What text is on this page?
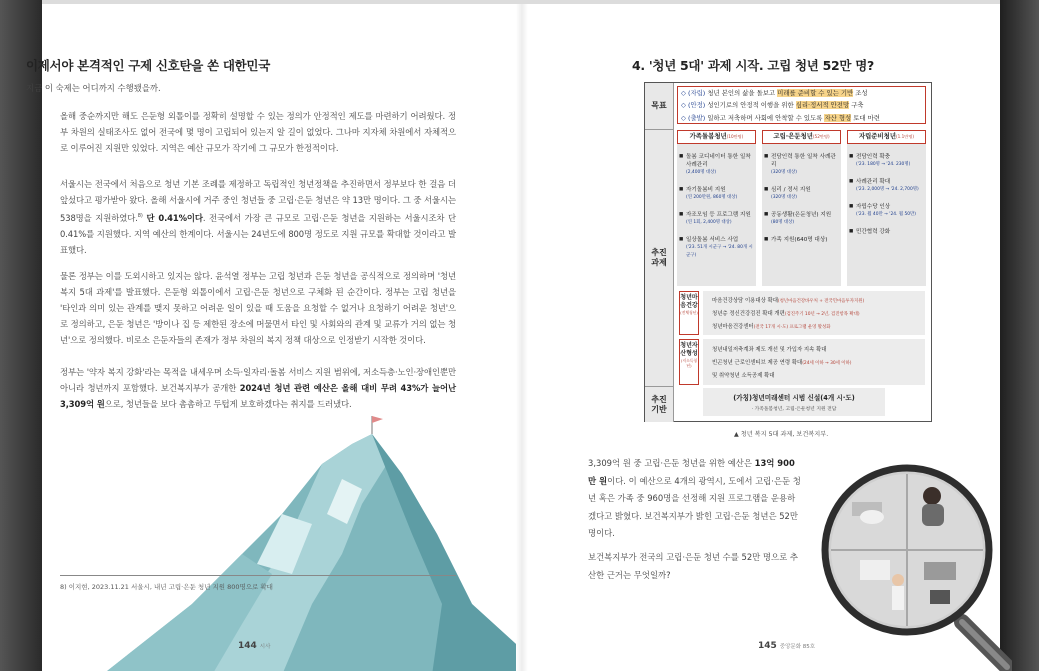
이제서야 본격적인 구제 신호탄을 쏜 대한민국
지금 이 숙제는 어디까지 수행됐을까.
올해 중순까지만 해도 은둔형 외톨이를 정확히 설명할 수 있는 정의가 안정적인 제도를 마련하기 어려웠다. 정부 차원의 실태조사도 없어 전국에 몇 명이 고립되어 있는지 알 길이 없었다. 그나마 지자체 차원에서 자체적으로 이루어진 지원만 있었다. 지역은 예산 규모가 작기에 그 규모가 한정적이다.
서울시는 전국에서 처음으로 청년 기본 조례를 제정하고 독립적인 청년정책을 추진하면서 정부보다 한 걸음 더 앞섰다고 평가받아 왔다. 올해 서울시에 거주 중인 청년들 중 고립·은둔 청년은 약 13만 명이다. 그 중 서울시는 538명을 지원하였다.$^{8)}$ 단 0.41%이다. 전국에서 가장 큰 규모로 고립·은둔 청년을 지원하는 서울시조차 단 0.41%를 지원했다. 지역 예산의 한계이다. 서울시는 24년도에 800명 정도로 지원 규모를 확대할 것이라고 발표했다.
물론 정부는 이를 도외시하고 있지는 않다. 윤석열 정부는 고립 청년과 은둔 청년을 공식적으로 정의하며 '청년 복지 5대 과제'를 발표했다. 은둔형 외톨이에서 고립·은둔 청년으로 구체화 된 순간이다. 정부는 고립 청년을 '타인과 의미 있는 관계를 맺지 못하고 어려운 일이 있을 때 도움을 요청할 수 없거나 요청하기 어려운 청년'으로 정의하고, 은둔 청년은 '방이나 집 등 제한된 장소에 머물면서 타인 및 사회와의 관계 및 교류가 거의 없는 청년'으로 정의했다. 비로소 은둔자들의 존재가 정부 차원의 복지 정책 대상으로 인정받기 시작한 것이다.
정부는 '약자 복지 강화'라는 목적을 내세우며 소득·일자리·돌봄 서비스 지원 범위에, 저소득층·노인·장애인뿐만 아니라 청년까지 포함했다. 보건복지부가 공개한 2024년 청년 관련 예산은 올해 대비 무려 43%가 늘어난 3,309억 원으로, 청년들을 보다 촘촘하고 두텁게 보호하겠다는 취지를 드러냈다.
8) 이지현, 2023.11.21 서울시, 내년 고립·은둔 청년 지원 800명으로 확대
144 시사
4. '청년 5대' 과제 시작. 고립 청년 52만 명?
목표
◇ (자립) 청년 본인의 삶을 돌보고 미래를 준비할 수 있는 기반 조성
◇ (안정) 성인기로의 안정적 이행을 위한 심리·정서적 안전망 구축
◇ (출발) 일하고 저축하며 사회에 안착할 수 있도록 자산 형성 토대 마련
추진
과제
가족돌봄청년(10만명)
■ 돌봄 코디네이터 통한 일착 사례관리
(2,400명 대상)
■ 자기돌봄비 지원
(연 200만원, 860명 대상)
■ 자조모임 등 프로그램 지원
(연 1회, 2,400명 대상)
■ 일상돌봄 서비스 사업
('23. 51개 시군구 → '24. 80개 시군구)
고립·은둔청년(52만명)
■ 전담인력 통한 일착 사례관리
(320명 대상)
■ 심리 / 정서 지원
(320명 대상)
■ 공동생활(은둔청년) 지원
(80명 대상)
■ 가족 지원(640명 대상)
자립준비청년(1.1만명)
■ 전담인력 확충
('23. 180명 → '24. 230명)
■ 사례관리 확대
('23. 2,000명 → '24. 2,700명)
■ 자립수당 인상
('23. 월 40만 → '24. 월 50만)
■ 민간협력 강화
청년마음건강
(전체청년)
■ 마음건강상담 이용대상 확대(청년마음건강바우처 + 전국민마음투자지원)
■ 청년층 정신건강검진 확대 개편(검진주기 10년 → 2년, 검진항목 확대)
■ 청년마음건강센터(전국 17개 시·도) 프로그램 운영 활성화
청년자산형성
(저소득청년)
■ 청년내일저축계좌 제도 개선 및 가입자 지속 확대
■ 빈곤청년 근로인센티브 제공 연령 확대(24세 이하 → 30세 이하)
■ 및 취약청년 소득공제 확대
추진
기반
(가칭)청년미래센터 시범 신설(4개 시·도)
· 가족돌봄청년, 고립·은둔청년 지원 전담
▲ 청년 복지 5대 과제, 보건복지부.
3,309억 원 중 고립·은둔 청년을 위한 예산은 13억 900만 원이다. 이 예산으로 4개의 광역시, 도에서 고립·은둔 청년 혹은 가족 중 960명을 선정해 지원 프로그램을 운용하겠다고 밝혔다. 보건복지부가 밝힌 고립·은둔 청년은 52만 명이다.
보건복지부가 전국의 고립·은둔 청년 수를 52만 명으로 추산한 근거는 무엇일까?
145 중앙문화 85호
